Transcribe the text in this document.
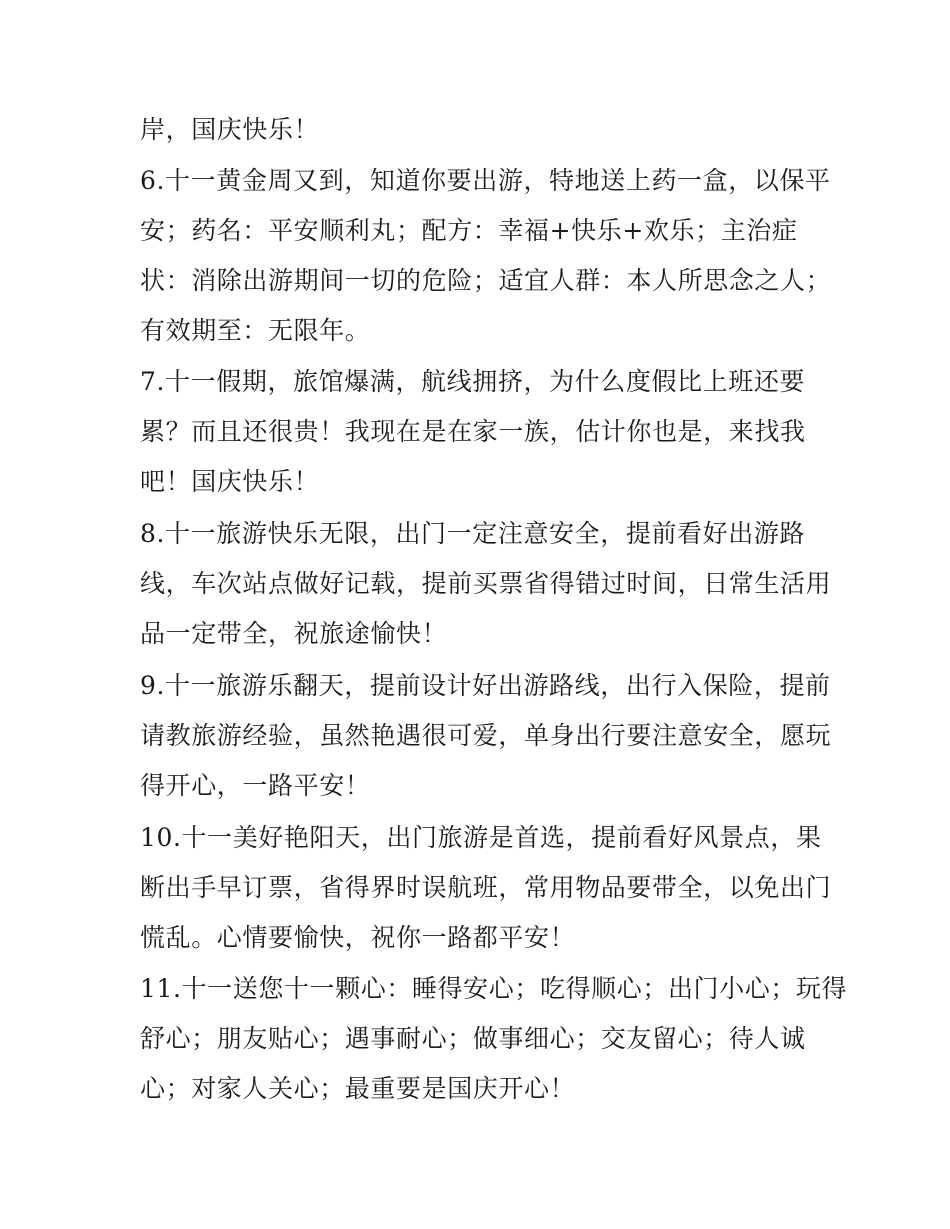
岸，国庆快乐！
6.十一黄金周又到，知道你要出游，特地送上药一盒，以保平
安；药名：平安顺利丸；配方：幸福+快乐+欢乐；主治症
状：消除出游期间一切的危险；适宜人群：本人所思念之人；
有效期至：无限年。
7.十一假期，旅馆爆满，航线拥挤，为什么度假比上班还要
累？而且还很贵！我现在是在家一族，估计你也是，来找我
吧！国庆快乐！
8.十一旅游快乐无限，出门一定注意安全，提前看好出游路
线，车次站点做好记载，提前买票省得错过时间，日常生活用
品一定带全，祝旅途愉快！
9.十一旅游乐翻天，提前设计好出游路线，出行入保险，提前
请教旅游经验，虽然艳遇很可爱，单身出行要注意安全，愿玩
得开心，一路平安！
10.十一美好艳阳天，出门旅游是首选，提前看好风景点，果
断出手早订票，省得界时误航班，常用物品要带全，以免出门
慌乱。心情要愉快，祝你一路都平安！
11.十一送您十一颗心：睡得安心；吃得顺心；出门小心；玩得
舒心；朋友贴心；遇事耐心；做事细心；交友留心；待人诚
心；对家人关心；最重要是国庆开心！
